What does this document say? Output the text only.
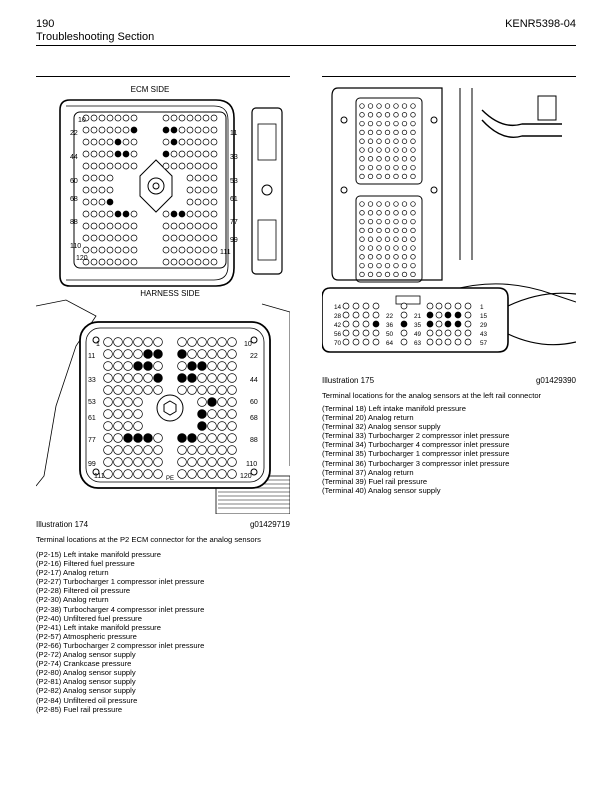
190
Troubleshooting Section
KENR5398-04
ECM SIDE
10
22	11
44	33
60	53
68	61
88	77
99
110
111
120
HARNESS SIDE
1	10
11	22
33	44
53	60
61	68
77	88
99	110
111	120
PE
Illustration 174	g01429719
Terminal locations at the P2 ECM connector for the analog sensors
(P2-15) Left intake manifold pressure
(P2-16) Filtered fuel pressure
(P2-17) Analog return
(P2-27) Turbocharger 1 compressor inlet pressure
(P2-28) Filtered oil pressure
(P2-30) Analog return
(P2-38) Turbocharger 4 compressor inlet pressure
(P2-40) Unfiltered fuel pressure
(P2-41) Left intake manifold pressure
(P2-57) Atmospheric pressure
(P2-66) Turbocharger 2 compressor inlet pressure
(P2-72) Analog sensor supply
(P2-74) Crankcase pressure
(P2-80) Analog sensor supply
(P2-81) Analog sensor supply
(P2-82) Analog sensor supply
(P2-84) Unfiltered oil pressure
(P2-85) Fuel rail pressure
14	1
28	22	21	15
42	36	35	29
56	50	49	43
70	64	63	57
Illustration 175	g01429390
Terminal locations for the analog sensors at the left rail connector
(Terminal 18) Left intake manifold pressure
(Terminal 20) Analog return
(Terminal 32) Analog sensor supply
(Terminal 33) Turbocharger 2 compressor inlet pressure
(Terminal 34) Turbocharger 4 compressor inlet pressure
(Terminal 35) Turbocharger 1 compressor inlet pressure
(Terminal 36) Turbocharger 3 compressor inlet pressure
(Terminal 37) Analog return
(Terminal 39) Fuel rail pressure
(Terminal 40) Analog sensor supply
